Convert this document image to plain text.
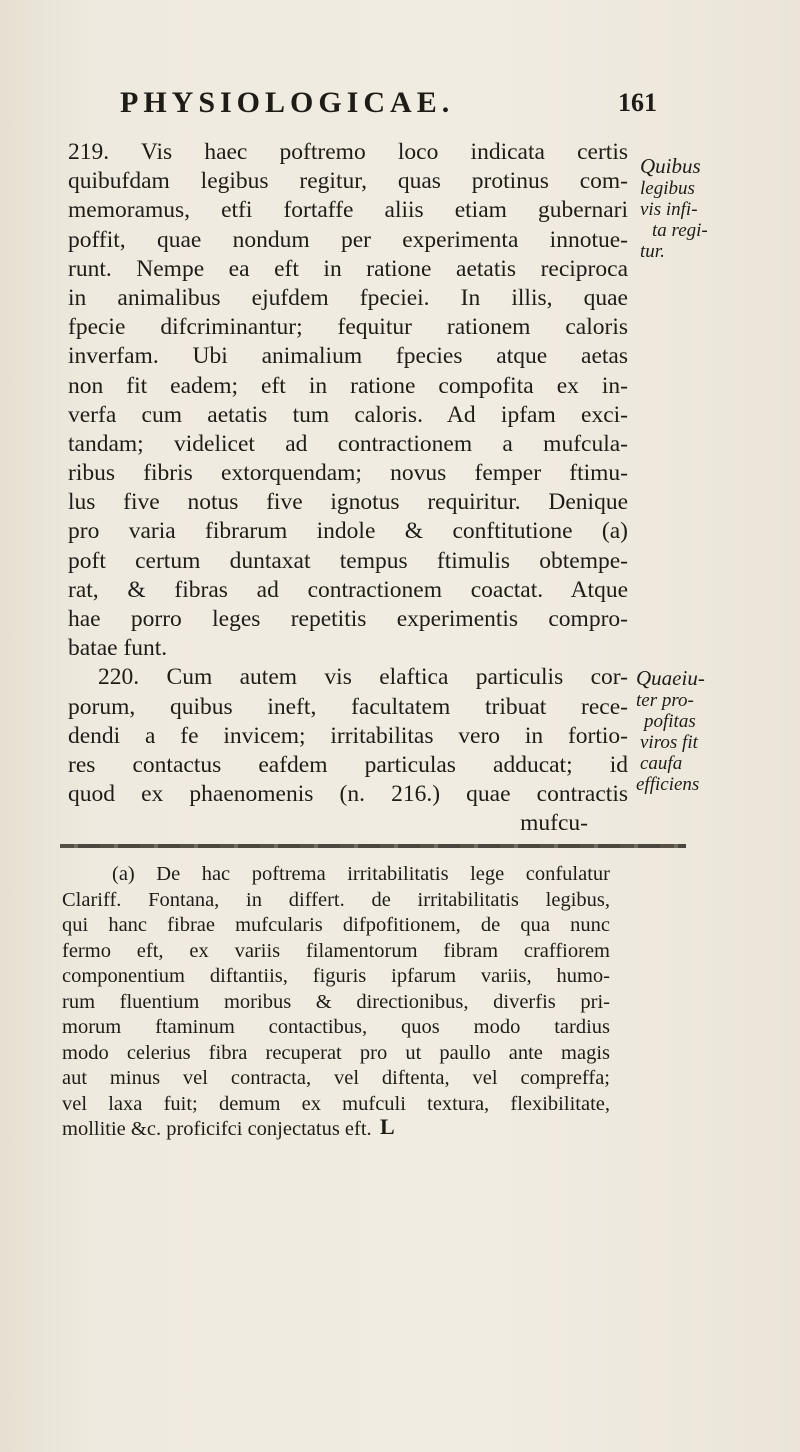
PHYSIOLOGICAE.	161
219. Vis haec poftremo loco indicata certis
quibufdam legibus regitur, quas protinus com-
memoramus, etfi fortaffe aliis etiam gubernari
poffit, quae nondum per experimenta innotue-
runt. Nempe ea eft in ratione aetatis reciproca
in animalibus ejufdem fpeciei. In illis, quae
fpecie difcriminantur; fequitur rationem caloris
inverfam. Ubi animalium fpecies atque aetas
non fit eadem; eft in ratione compofita ex in-
verfa cum aetatis tum caloris. Ad ipfam exci-
tandam; videlicet ad contractionem a mufcula-
ribus fibris extorquendam; novus femper ftimu-
lus five notus five ignotus requiritur. Denique
pro varia fibrarum indole & conftitutione (a)
poft certum duntaxat tempus ftimulis obtempe-
rat, & fibras ad contractionem coactat. Atque
hae porro leges repetitis experimentis compro-
batae funt.
220. Cum autem vis elaftica particulis cor-
porum, quibus ineft, facultatem tribuat rece-
dendi a fe invicem; irritabilitas vero in fortio-
res contactus eafdem particulas adducat; id
quod ex phaenomenis (n. 216.) quae contractis
mufcu-
Quibus
legibus
vis infi-
ta regi-
tur.
Quaeiu-
ter pro-
pofitas
viros fit
caufa
efficiens
(a) De hac poftrema irritabilitatis lege confulatur
Clariff. Fontana, in differt. de irritabilitatis legibus,
qui hanc fibrae mufcularis difpofitionem, de qua nunc
fermo eft, ex variis filamentorum fibram craffiorem
componentium diftantiis, figuris ipfarum variis, humo-
rum fluentium moribus & directionibus, diverfis pri-
morum ftaminum contactibus, quos modo tardius
modo celerius fibra recuperat pro ut paullo ante magis
aut minus vel contracta, vel diftenta, vel compreffa;
vel laxa fuit; demum ex mufculi textura, flexibilitate,
mollitie &c. proficifci conjectatus eft. L
